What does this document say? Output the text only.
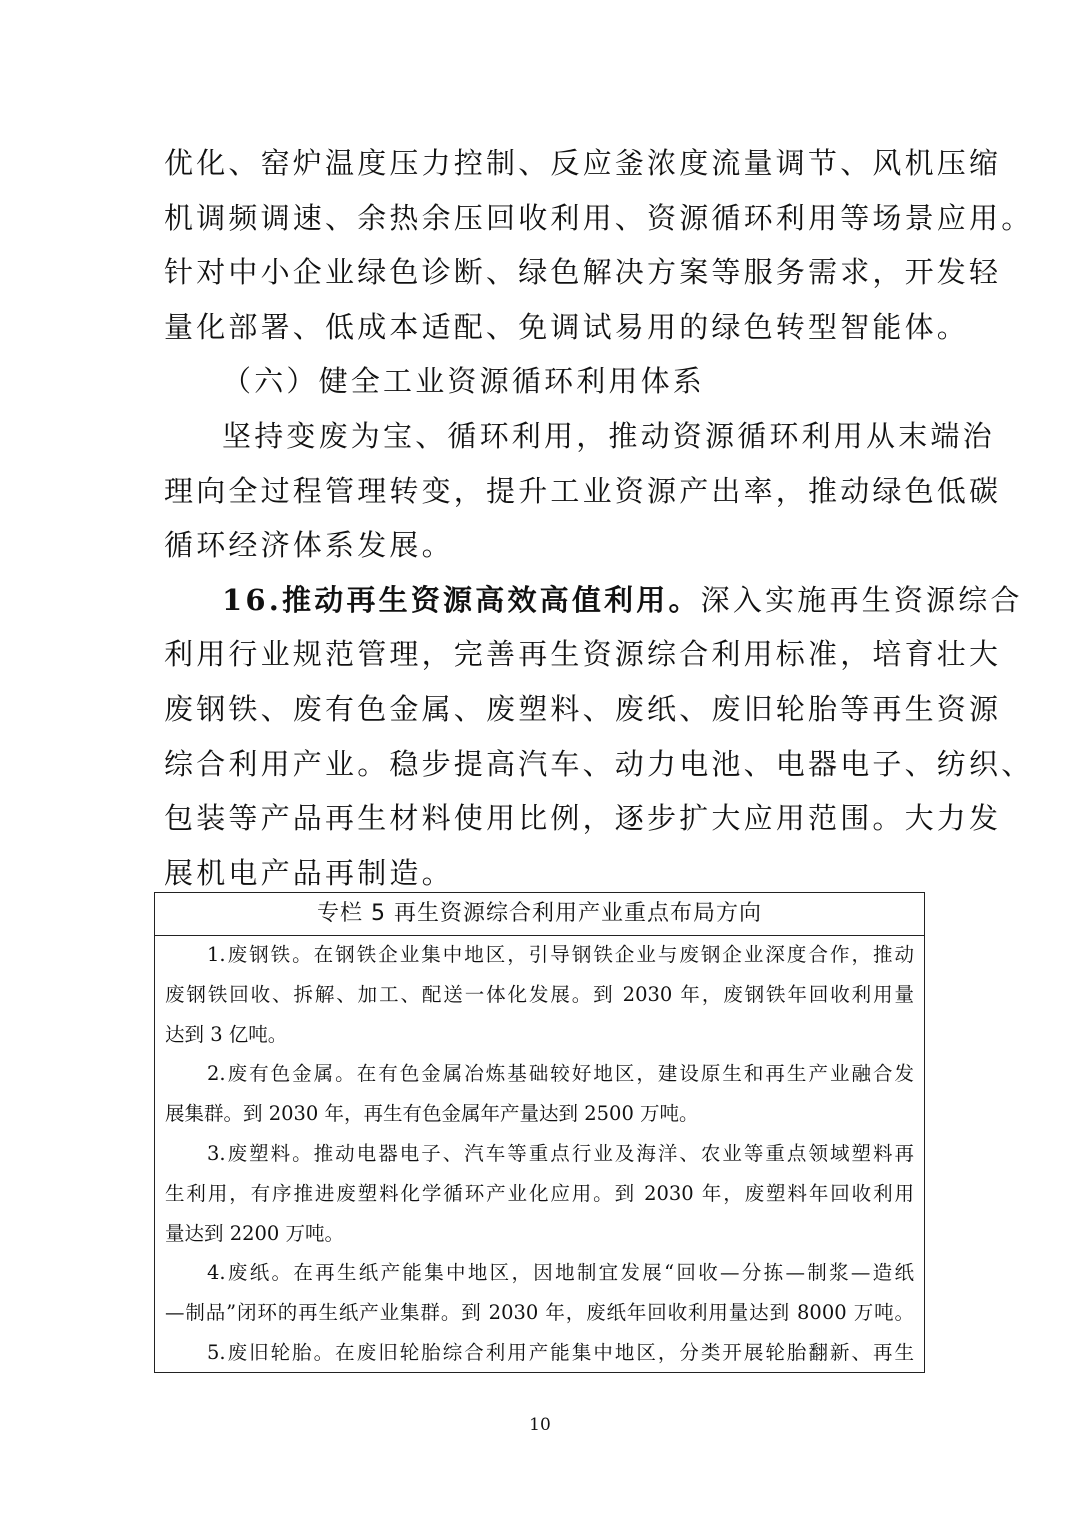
优化、窑炉温度压力控制、反应釜浓度流量调节、风机压缩
机调频调速、余热余压回收利用、资源循环利用等场景应用。
针对中小企业绿色诊断、绿色解决方案等服务需求，开发轻
量化部署、低成本适配、免调试易用的绿色转型智能体。
（六）健全工业资源循环利用体系
坚持变废为宝、循环利用，推动资源循环利用从末端治
理向全过程管理转变，提升工业资源产出率，推动绿色低碳
循环经济体系发展。
16.推动再生资源高效高值利用。深入实施再生资源综合
利用行业规范管理，完善再生资源综合利用标准，培育壮大
废钢铁、废有色金属、废塑料、废纸、废旧轮胎等再生资源
综合利用产业。稳步提高汽车、动力电池、电器电子、纺织、
包装等产品再生材料使用比例，逐步扩大应用范围。大力发
展机电产品再制造。
专栏 5 再生资源综合利用产业重点布局方向
1.废钢铁。在钢铁企业集中地区，引导钢铁企业与废钢企业深度合作，推动
废钢铁回收、拆解、加工、配送一体化发展。到 2030 年，废钢铁年回收利用量
达到 3 亿吨。
2.废有色金属。在有色金属冶炼基础较好地区，建设原生和再生产业融合发
展集群。到 2030 年，再生有色金属年产量达到 2500 万吨。
3.废塑料。推动电器电子、汽车等重点行业及海洋、农业等重点领域塑料再
生利用，有序推进废塑料化学循环产业化应用。到 2030 年，废塑料年回收利用
量达到 2200 万吨。
4.废纸。在再生纸产能集中地区，因地制宜发展“回收—分拣—制浆—造纸
—制品”闭环的再生纸产业集群。到 2030 年，废纸年回收利用量达到 8000 万吨。
5.废旧轮胎。在废旧轮胎综合利用产能集中地区，分类开展轮胎翻新、再生
10
